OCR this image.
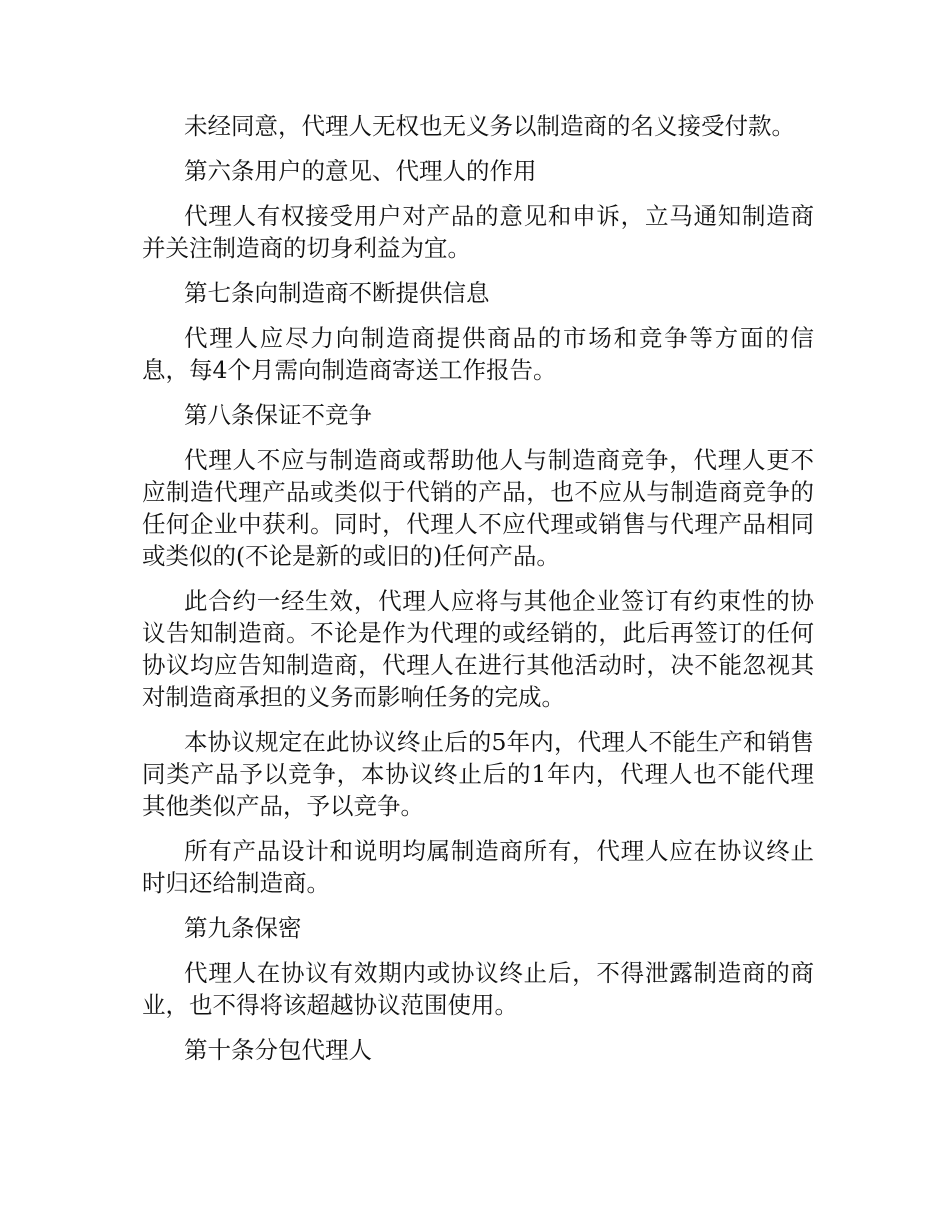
未经同意，代理人无权也无义务以制造商的名义接受付款。

第六条用户的意见、代理人的作用

代理人有权接受用户对产品的意见和申诉，立马通知制造商并关注制造商的切身利益为宜。

第七条向制造商不断提供信息

代理人应尽力向制造商提供商品的市场和竞争等方面的信息，每4个月需向制造商寄送工作报告。

第八条保证不竞争

代理人不应与制造商或帮助他人与制造商竞争，代理人更不应制造代理产品或类似于代销的产品，也不应从与制造商竞争的任何企业中获利。同时，代理人不应代理或销售与代理产品相同或类似的(不论是新的或旧的)任何产品。

此合约一经生效，代理人应将与其他企业签订有约束性的协议告知制造商。不论是作为代理的或经销的，此后再签订的任何协议均应告知制造商，代理人在进行其他活动时，决不能忽视其对制造商承担的义务而影响任务的完成。

本协议规定在此协议终止后的5年内，代理人不能生产和销售同类产品予以竞争，本协议终止后的1年内，代理人也不能代理其他类似产品，予以竞争。

所有产品设计和说明均属制造商所有，代理人应在协议终止时归还给制造商。

第九条保密

代理人在协议有效期内或协议终止后，不得泄露制造商的商业，也不得将该超越协议范围使用。

第十条分包代理人
